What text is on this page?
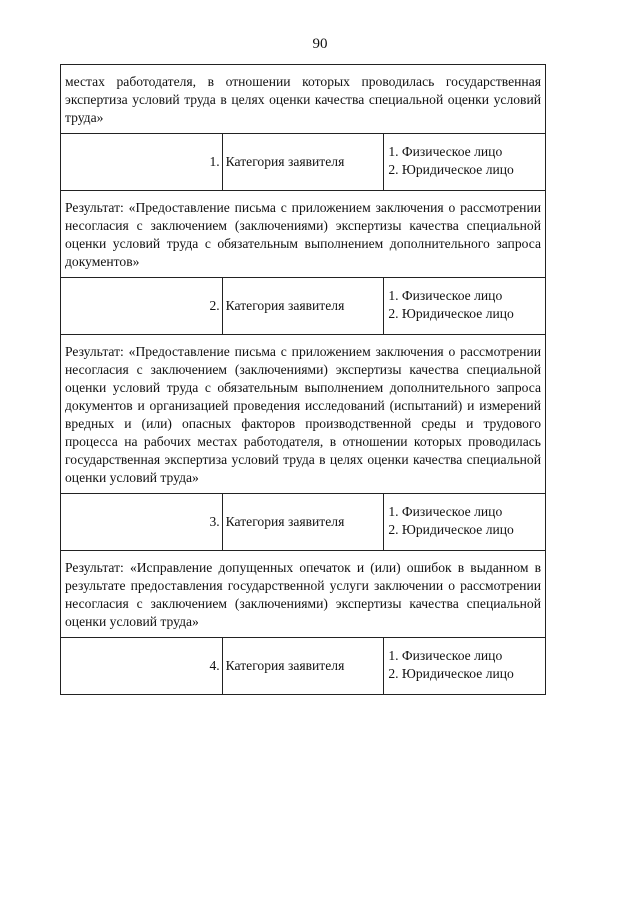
90
местах работодателя, в отношении которых проводилась государственная экспертиза условий труда в целях оценки качества специальной оценки условий труда»		
1.	Категория заявителя	1. Физическое лицо
2. Юридическое лицо

Результат: «Предоставление письма с приложением заключения о рассмотрении несогласия с заключением (заключениями) экспертизы качества специальной оценки условий труда с обязательным выполнением дополнительного запроса документов»		
2.	Категория заявителя	1. Физическое лицо
2. Юридическое лицо

Результат: «Предоставление письма с приложением заключения о рассмотрении несогласия с заключением (заключениями) экспертизы качества специальной оценки условий труда с обязательным выполнением дополнительного запроса документов и организацией проведения исследований (испытаний) и измерений вредных и (или) опасных факторов производственной среды и трудового процесса на рабочих местах работодателя, в отношении которых проводилась государственная экспертиза условий труда в целях оценки качества специальной оценки условий труда»		
3.	Категория заявителя	1. Физическое лицо
2. Юридическое лицо

Результат: «Исправление допущенных опечаток и (или) ошибок в выданном в результате предоставления государственной услуги заключении о рассмотрении несогласия с заключением (заключениями) экспертизы качества специальной оценки условий труда»		
4.	Категория заявителя	1. Физическое лицо
2. Юридическое лицо
